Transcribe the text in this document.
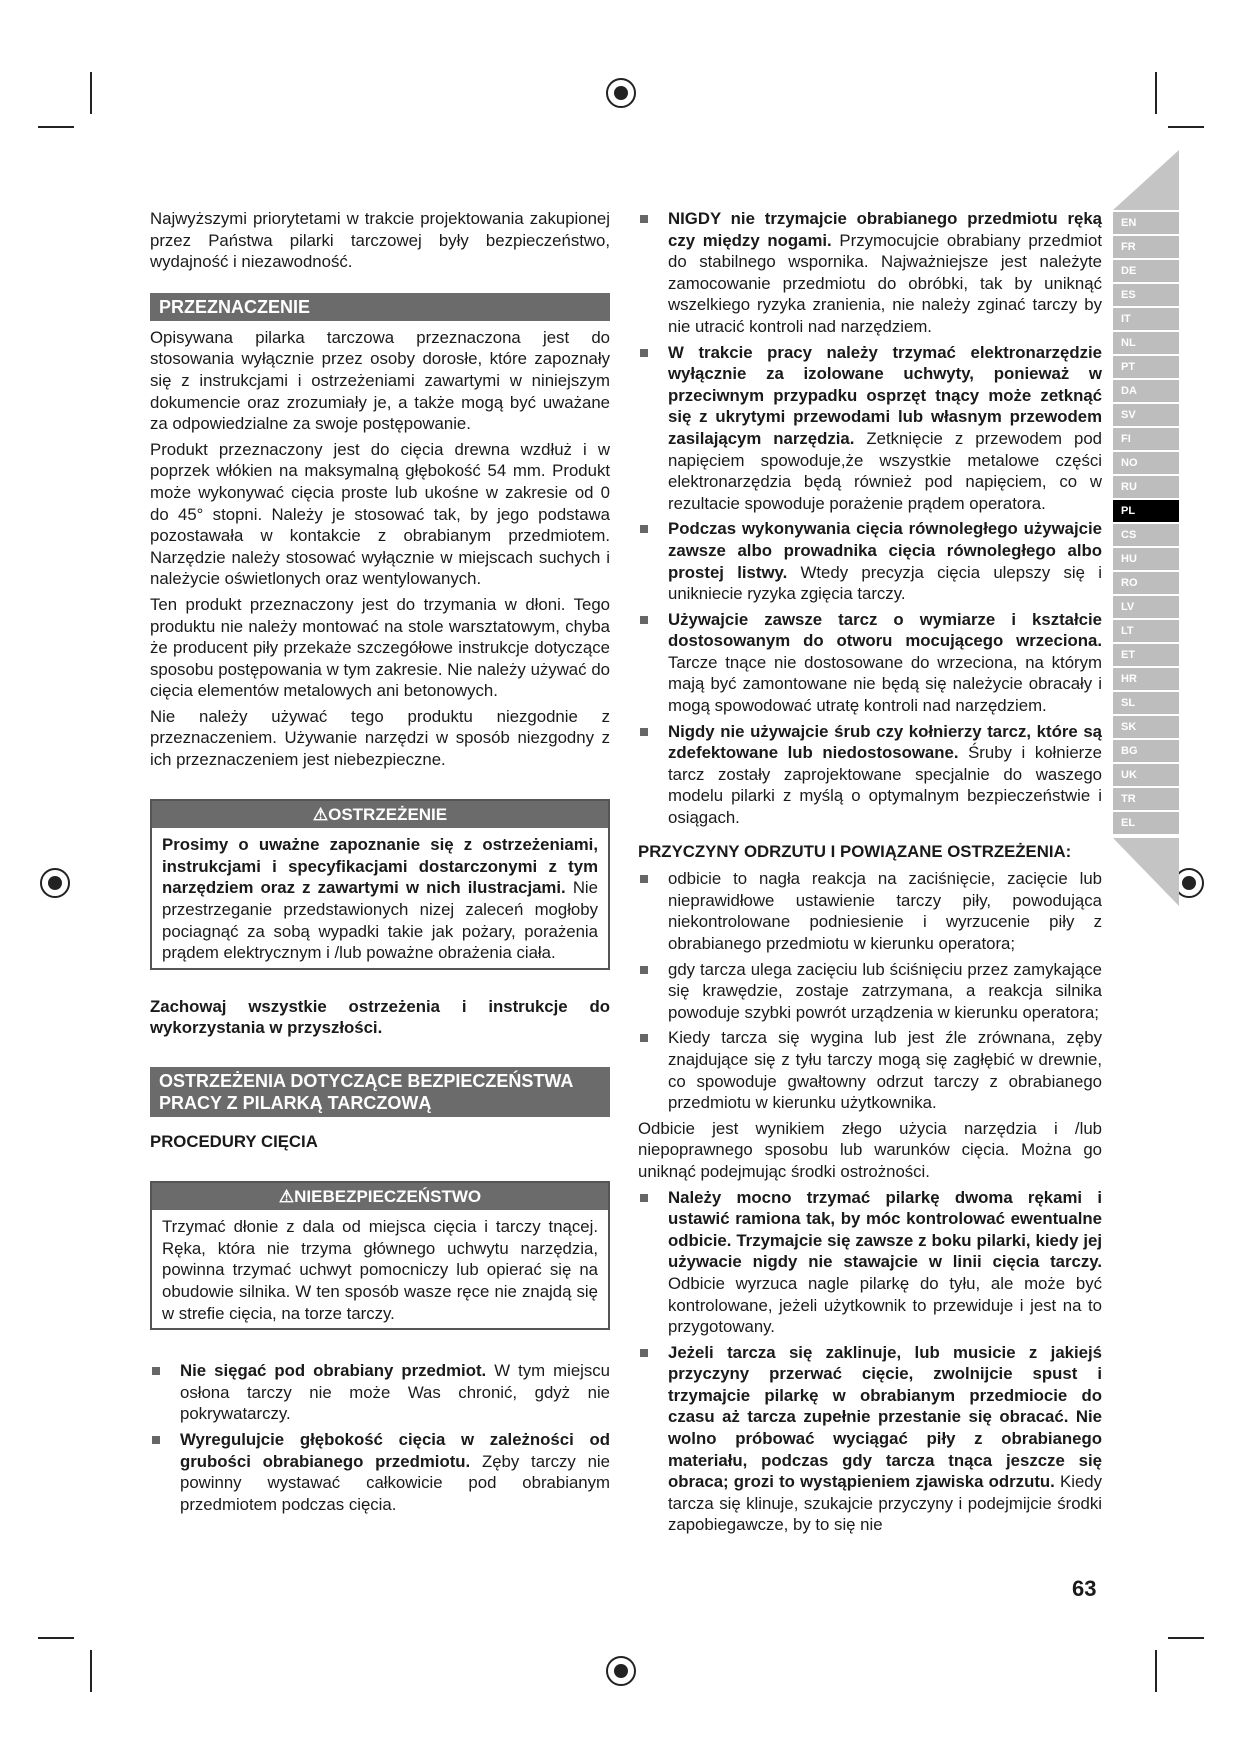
EN
FR
DE
ES
IT
NL
PT
DA
SV
FI
NO
RU
PL
CS
HU
RO
LV
LT
ET
HR
SL
SK
BG
UK
TR
EL

Najwyższymi priorytetami w trakcie projektowania zakupionej przez Państwa pilarki tarczowej były bezpieczeństwo, wydajność i niezawodność.

PRZEZNACZENIE

Opisywana pilarka tarczowa przeznaczona jest do stosowania wyłącznie przez osoby dorosłe, które zapoznały się z instrukcjami i ostrzeżeniami zawartymi w niniejszym dokumencie oraz zrozumiały je, a także mogą być uważane za odpowiedzialne za swoje postępowanie.

Produkt przeznaczony jest do cięcia drewna wzdłuż i w poprzek włókien na maksymalną głębokość 54 mm. Produkt może wykonywać cięcia proste lub ukośne w zakresie od 0 do 45° stopni. Należy je stosować tak, by jego podstawa pozostawała w kontakcie z obrabianym przedmiotem. Narzędzie należy stosować wyłącznie w miejscach suchych i należycie oświetlonych oraz wentylowanych.

Ten produkt przeznaczony jest do trzymania w dłoni. Tego produktu nie należy montować na stole warsztatowym, chyba że producent piły przekaże szczegółowe instrukcje dotyczące sposobu postępowania w tym zakresie. Nie należy używać do cięcia elementów metalowych ani betonowych.

Nie należy używać tego produktu niezgodnie z przeznaczeniem. Używanie narzędzi w sposób niezgodny z ich przeznaczeniem jest niebezpieczne.

⚠OSTRZEŻENIE
Prosimy o uważne zapoznanie się z ostrzeżeniami, instrukcjami i specyfikacjami dostarczonymi z tym narzędziem oraz z zawartymi w nich ilustracjami. Nie przestrzeganie przedstawionych nizej zaleceń mogłoby pociagnąć za sobą wypadki takie jak pożary, porażenia prądem elektrycznym i /lub poważne obrażenia ciała.

Zachowaj wszystkie ostrzeżenia i instrukcje do wykorzystania w przyszłości.

OSTRZEŻENIA DOTYCZĄCE BEZPIECZEŃSTWA PRACY Z PILARKĄ TARCZOWĄ

PROCEDURY CIĘCIA

⚠NIEBEZPIECZEŃSTWO
Trzymać dłonie z dala od miejsca cięcia i tarczy tnącej. Ręka, która nie trzyma głównego uchwytu narzędzia, powinna trzymać uchwyt pomocniczy lub opierać się na obudowie silnika. W ten sposób wasze ręce nie znajdą się w strefie cięcia, na torze tarczy.
Nie sięgać pod obrabiany przedmiot. W tym miejscu osłona tarczy nie może Was chronić, gdyż nie pokrywatarczy.
Wyregulujcie głębokość cięcia w zależności od grubości obrabianego przedmiotu. Zęby tarczy nie powinny wystawać całkowicie pod obrabianym przedmiotem podczas cięcia.
NIGDY nie trzymajcie obrabianego przedmiotu ręką czy między nogami. Przymocujcie obrabiany przedmiot do stabilnego wspornika. Najważniejsze jest należyte zamocowanie przedmiotu do obróbki, tak by uniknąć wszelkiego ryzyka zranienia, nie należy zginać tarczy by nie utracić kontroli nad narzędziem.
W trakcie pracy należy trzymać elektronarzędzie wyłącznie za izolowane uchwyty, ponieważ w przeciwnym przypadku osprzęt tnący może zetknąć się z ukrytymi przewodami lub własnym przewodem zasilającym narzędzia. Zetknięcie z przewodem pod napięciem spowoduje,że wszystkie metalowe części elektronarzędzia będą również pod napięciem, co w rezultacie spowoduje porażenie prądem operatora.
Podczas wykonywania cięcia równoległego używajcie zawsze albo prowadnika cięcia równoległego albo prostej listwy. Wtedy precyzja cięcia ulepszy się i unikniecie ryzyka zgięcia tarczy.
Używajcie zawsze tarcz o wymiarze i kształcie dostosowanym do otworu mocującego wrzeciona. Tarcze tnące nie dostosowane do wrzeciona, na którym mają być zamontowane nie będą się należycie obracały i mogą spowodować utratę kontroli nad narzędziem.
Nigdy nie używajcie śrub czy kołnierzy tarcz, które są zdefektowane lub niedostosowane. Śruby i kołnierze tarcz zostały zaprojektowane specjalnie do waszego modelu pilarki z myślą o optymalnym bezpieczeństwie i osiągach.

PRZYCZYNY ODRZUTU I POWIĄZANE OSTRZEŻENIA:

odbicie to nagła reakcja na zaciśnięcie, zacięcie lub nieprawidłowe ustawienie tarczy piły, powodująca niekontrolowane podniesienie i wyrzucenie piły z obrabianego przedmiotu w kierunku operatora;
gdy tarcza ulega zacięciu lub ściśnięciu przez zamykające się krawędzie, zostaje zatrzymana, a reakcja silnika powoduje szybki powrót urządzenia w kierunku operatora;
Kiedy tarcza się wygina lub jest źle zrównana, zęby znajdujące się z tyłu tarczy mogą się zagłębić w drewnie, co spowoduje gwałtowny odrzut tarczy z obrabianego przedmiotu w kierunku użytkownika.

Odbicie jest wynikiem złego użycia narzędzia i /lub niepoprawnego sposobu lub warunków cięcia. Można go uniknąć podejmując środki ostrożności.

Należy mocno trzymać pilarkę dwoma rękami i ustawić ramiona tak, by móc kontrolować ewentualne odbicie. Trzymajcie się zawsze z boku pilarki, kiedy jej używacie nigdy nie stawajcie w linii cięcia tarczy. Odbicie wyrzuca nagle pilarkę do tyłu, ale może być kontrolowane, jeżeli użytkownik to przewiduje i jest na to przygotowany.
Jeżeli tarcza się zaklinuje, lub musicie z jakiejś przyczyny przerwać cięcie, zwolnijcie spust i trzymajcie pilarkę w obrabianym przedmiocie do czasu aż tarcza zupełnie przestanie się obracać. Nie wolno próbować wyciągać piły z obrabianego materiału, podczas gdy tarcza tnąca jeszcze się obraca; grozi to wystąpieniem zjawiska odrzutu. Kiedy tarcza się klinuje, szukajcie przyczyny i podejmijcie środki zapobiegawcze, by to się nie
63
